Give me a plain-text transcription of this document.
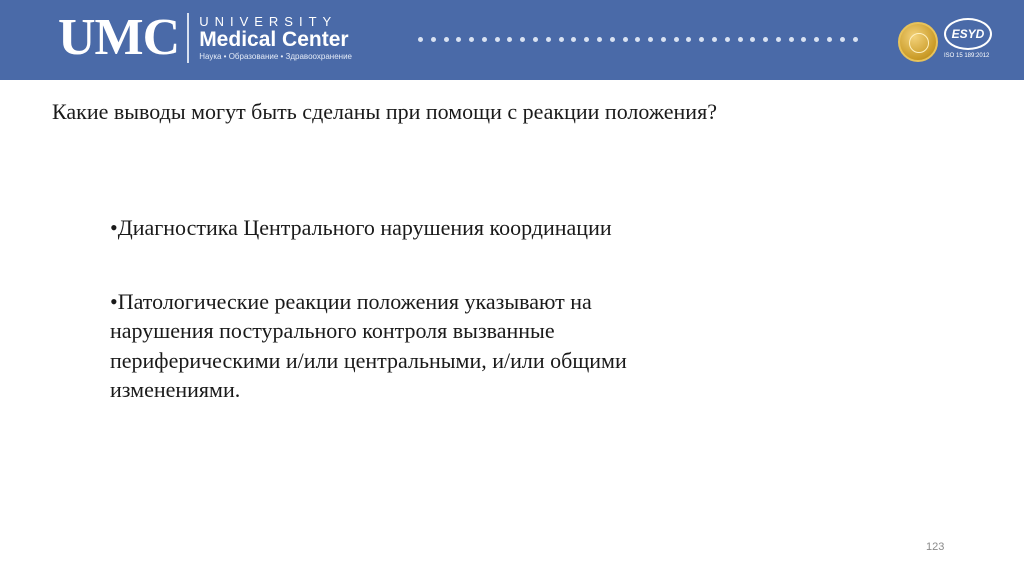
UMC UNIVERSITY
Medical Center
Наука • Образование • Здравоохранение
ESYD
ISO 15 189:2012
Какие выводы могут быть сделаны при помощи с реакции положения?

•Диагностика Центрального нарушения координации

•Патологические реакции положения указывают на

нарушения постурального контроля вызванные

периферическими и/или центральными, и/или общими

изменениями.

123
